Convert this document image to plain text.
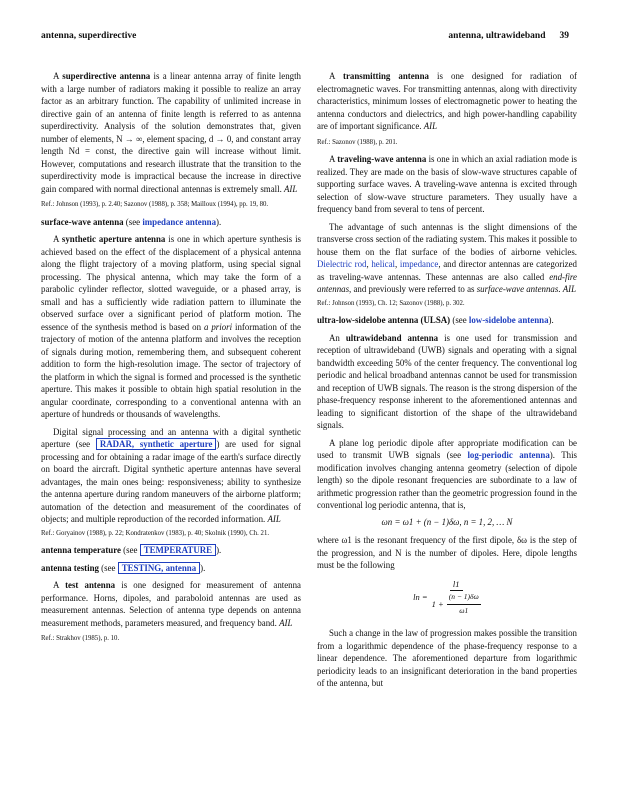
antenna, superdirective	antenna, ultrawideband 39

A superdirective antenna is a linear antenna array of finite length with a large number of radiators making it possible to realize an array factor as an arbitrary function. The capability of unlimited increase in directive gain of an antenna of finite length is referred to as antenna superdirectivity. Analysis of the solution demonstrates that, given number of elements, N → ∞, element spacing, d → 0, and constant array length Nd = const, the directive gain will increase without limit. However, computations and research illustrate that the transition to the superdirectivity mode is impractical because the increase in directive gain compared with normal directional antennas is extremely small. AIL

Ref.: Johnson (1993), p. 2.40; Sazonov (1988), p. 358; Mailloux (1994), pp. 19, 80.

surface-wave antenna (see impedance antenna).

A synthetic aperture antenna is one in which aperture synthesis is achieved based on the effect of the displacement of a physical antenna along the flight trajectory of a moving platform, using special signal processing. The physical antenna, which may take the form of a parabolic cylinder reflector, slotted waveguide, or a phased array, is small and has a sufficiently wide radiation pattern to illuminate the observed surface over a significant period of platform motion. The essence of the synthesis method is based on a priori information of the trajectory of motion of the antenna platform and involves the reception of signals during motion, remembering them, and subsequent coherent addition to form the high-resolution image. The sector of trajectory of the platform in which the signal is formed and processed is the synthetic aperture. This makes it possible to obtain high spatial resolution in the angular coordinate, corresponding to a conventional antenna with an aperture of hundreds or thousands of wavelengths.

Digital signal processing and an antenna with a digital synthetic aperture (see RADAR, synthetic aperture ) are used for signal processing and for obtaining a radar image of the earth's surface directly on board the aircraft. Digital synthetic aperture antennas have several advantages, the main ones being: responsiveness; ability to synthesize the antenna aperture during random maneuvers of the airborne platform; automation of the detection and measurement of the coordinates of objects; and multiple reproduction of the recorded information. AIL

Ref.: Goryainov (1988), p. 22; Kondratenkov (1983), p. 40; Skolnik (1990), Ch. 21.

antenna temperature (see TEMPERATURE ).

antenna testing (see TESTING, antenna ).

A test antenna is one designed for measurement of antenna performance. Horns, dipoles, and paraboloid antennas are used as measurement antennas. Selection of antenna type depends on antenna measurement methods, parameters measured, and frequency band. AIL

Ref.: Strakhov (1985), p. 10.

A transmitting antenna is one designed for radiation of electromagnetic waves. For transmitting antennas, along with directivity characteristics, minimum losses of electromagnetic power to heating the antenna conductors and dielectrics, and high power-handling capability are of important significance. AIL

Ref.: Sazonov (1988), p. 201.

A traveling-wave antenna is one in which an axial radiation mode is realized. They are made on the basis of slow-wave structures capable of supporting surface waves. A traveling-wave antenna is excited through selection of slow-wave structure parameters. They usually have a frequency band from several to tens of percent.

The advantage of such antennas is the slight dimensions of the transverse cross section of the radiating system. This makes it possible to house them on the flat surface of the bodies of airborne vehicles. Dielectric rod, helical, impedance, and director antennas are categorized as traveling-wave antennas. These antennas are also called end-fire antennas, and previously were referred to as surface-wave antennas. AIL

Ref.: Johnson (1993), Ch. 12; Sazonov (1988), p. 302.

ultra-low-sidelobe antenna (ULSA) (see low-sidelobe antenna).

An ultrawideband antenna is one used for transmission and reception of ultrawideband (UWB) signals and operating with a signal bandwidth exceeding 50% of the center frequency. The conventional log periodic and helical broadband antennas cannot be used for transmission and reception of UWB signals. The reason is the strong dispersion of the phase-frequency response inherent to the aforementioned antennas and leading to significant distortion of the shape of the ultrawideband signals.

A plane log periodic dipole after appropriate modification can be used to transmit UWB signals (see log-periodic antenna). This modification involves changing antenna geometry (selection of dipole length) so the dipole resonant frequencies are subordinate to a law of arithmetic progression rather than the geometric progression found in the conventional log periodic antenna, that is,

ωn = ω1 + (n − 1)δω, n = 1, 2, … N

where ω1 is the resonant frequency of the first dipole, δω is the step of the progression, and N is the number of dipoles. Here, dipole lengths must be the following

$\ln = \frac{l1}{1 + \frac{(n - 1)\delta\omega}{\omega 1}}$

Such a change in the law of progression makes possible the transition from a logarithmic dependence of the phase-frequency response to a linear dependence. The aforementioned departure from logarithmic periodicity leads to an insignificant deterioration in the band properties of the antenna, but
